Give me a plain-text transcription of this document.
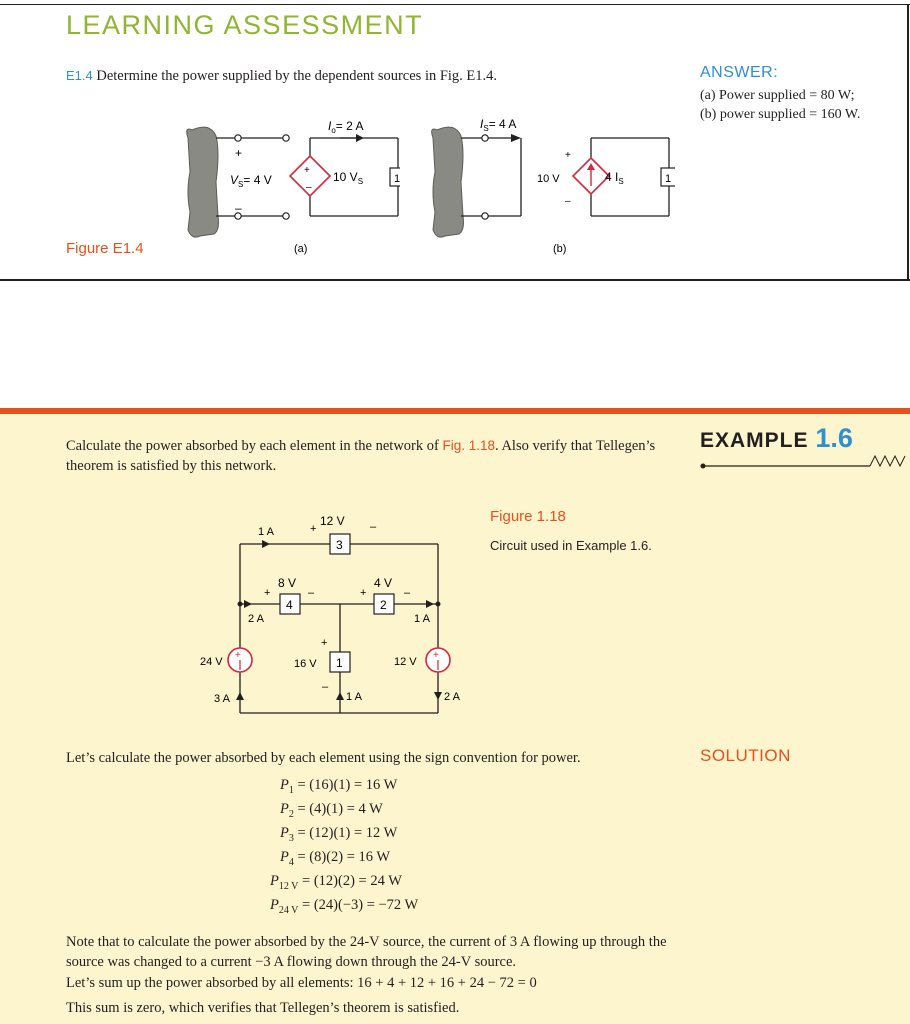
LEARNING ASSESSMENT
E1.4 Determine the power supplied by the dependent sources in Fig. E1.4.	ANSWER:
(a) Power supplied = 80 W;
(b) power supplied = 160 W.
Figure E1.4
+
–
$V_S= 4$ V
$I_o= 2$ A
+
–
10 $V_S$	1
(a)
$I_S= 4$ A
+
–
10 V	4 $I_S$	1
(b)
Calculate the power absorbed by each element in the network of Fig. 1.18. Also verify that Tellegen’s theorem is satisfied by this network.
EXAMPLE 1.6
Figure 1.18
Circuit used in Example 1.6.
3
12 V
+	–
1 A
4
8 V
+	–
2 A
2
4 V
+	–
1 A
1
16 V
+
–
1 A
+
24 V
3 A
+
12 V
2 A
SOLUTION
Let’s calculate the power absorbed by each element using the sign convention for power.
$P_1 = (16)(1) = 16$ W
$P_2 = (4)(1) = 4$ W
$P_3 = (12)(1) = 12$ W
$P_4 = (8)(2) = 16$ W
$P_{12 V} = (12)(2) = 24$ W
$P_{24 V} = (24)(-3) = -72$ W
Note that to calculate the power absorbed by the 24-V source, the current of 3 A flowing up through the source was changed to a current −3 A flowing down through the 24-V source.
Let’s sum up the power absorbed by all elements: 16 + 4 + 12 + 16 + 24 − 72 = 0
This sum is zero, which verifies that Tellegen’s theorem is satisfied.
